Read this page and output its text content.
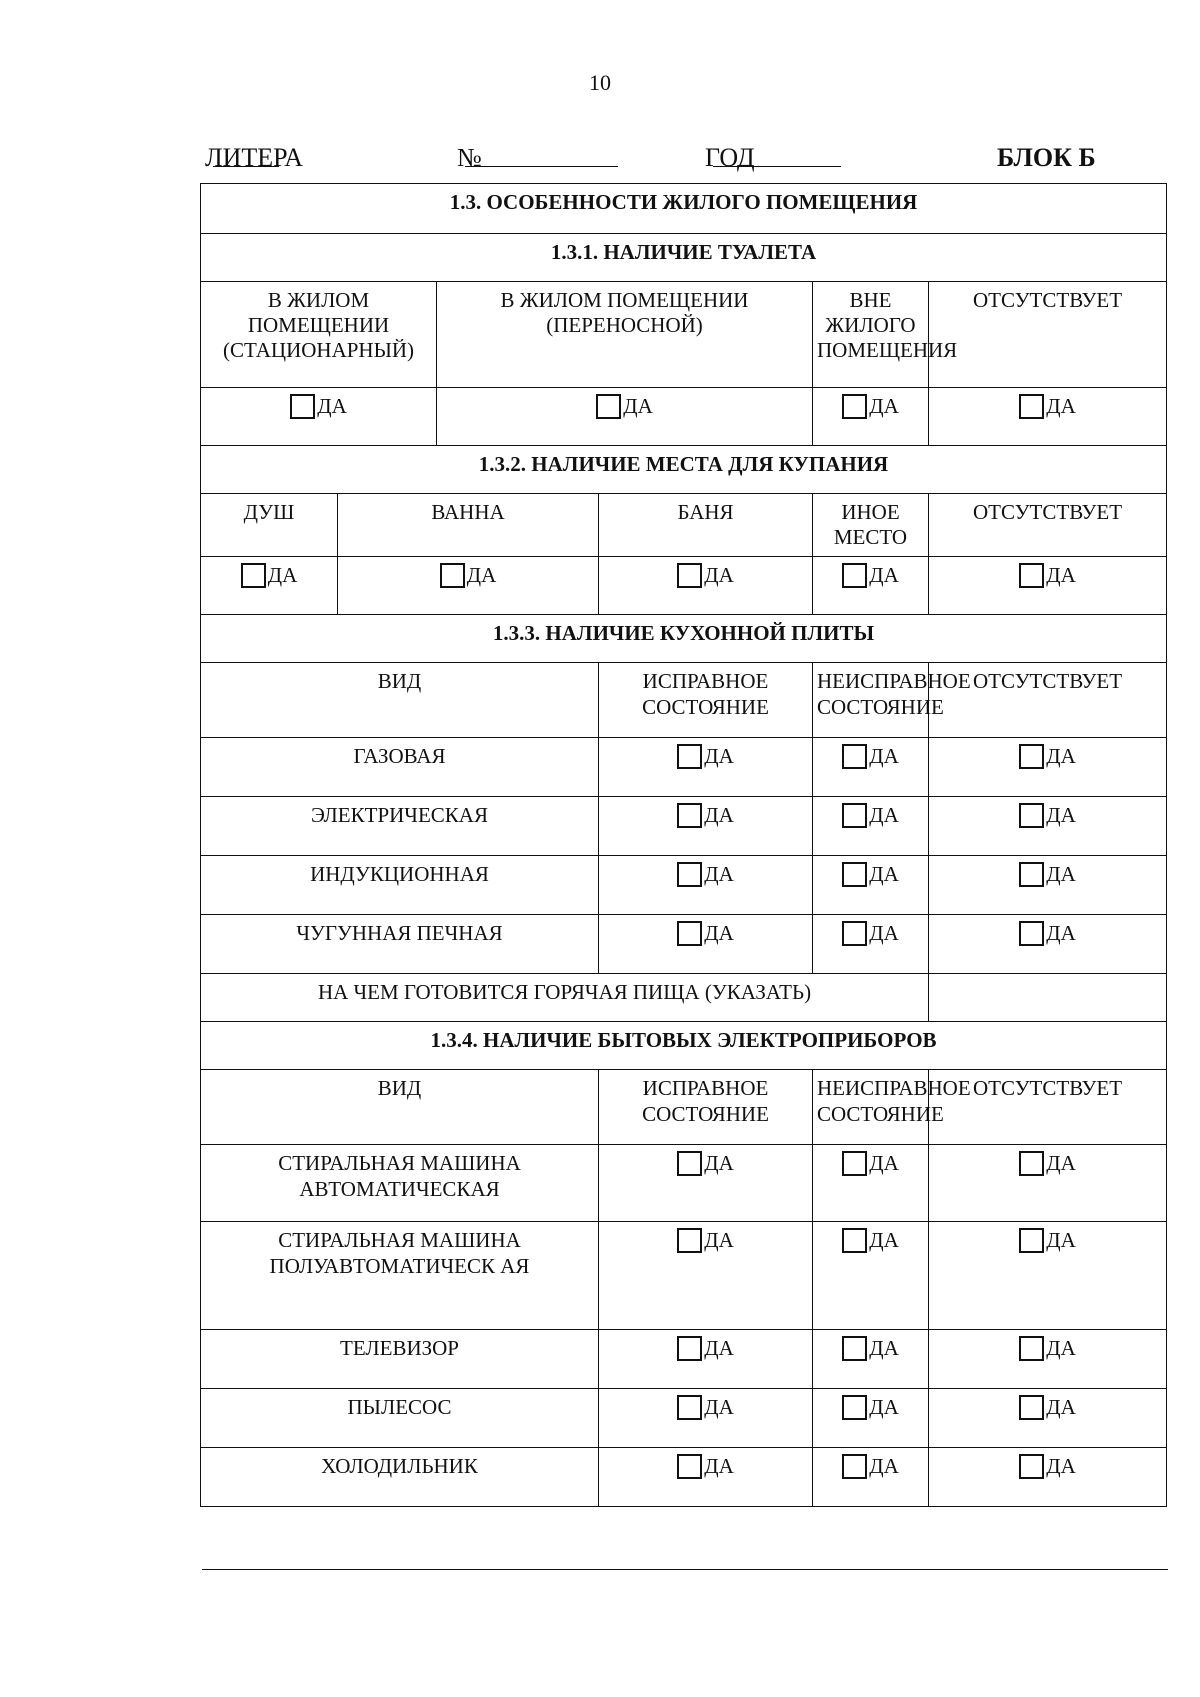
10
ЛИТЕРА	№	ГОД	БЛОК Б
1.3. ОСОБЕННОСТИ ЖИЛОГО ПОМЕЩЕНИЯ					
1.3.1. НАЛИЧИЕ ТУАЛЕТА					
В ЖИЛОМ ПОМЕЩЕНИИ (СТАЦИОНАРНЫЙ)		В ЖИЛОМ ПОМЕЩЕНИИ (ПЕРЕНОСНОЙ)		ВНЕ ЖИЛОГО ПОМЕЩЕНИЯ	ОТСУТСТВУЕТ

ДА		ДА		ДА	ДА

1.3.2. НАЛИЧИЕ МЕСТА ДЛЯ КУПАНИЯ					
ДУШ	ВАННА		БАНЯ	ИНОЕ МЕСТО	ОТСУТСТВУЕТ

ДА	ДА		ДА	ДА	ДА

1.3.3. НАЛИЧИЕ КУХОННОЙ ПЛИТЫ					
ВИД			ИСПРАВНОЕ СОСТОЯНИЕ	НЕИСПРАВНОЕ СОСТОЯНИЕ	ОТСУТСТВУЕТ
ГАЗОВАЯ			ДА	ДА	ДА

ЭЛЕКТРИЧЕСКАЯ			ДА	ДА	ДА

ИНДУКЦИОННАЯ			ДА	ДА	ДА

ЧУГУННАЯ ПЕЧНАЯ			ДА	ДА	ДА

НА ЧЕМ ГОТОВИТСЯ ГОРЯЧАЯ ПИЩА (УКАЗАТЬ)					
1.3.4. НАЛИЧИЕ БЫТОВЫХ ЭЛЕКТРОПРИБОРОВ					
ВИД			ИСПРАВНОЕ СОСТОЯНИЕ	НЕИСПРАВНОЕ СОСТОЯНИЕ	ОТСУТСТВУЕТ
СТИРАЛЬНАЯ МАШИНА АВТОМАТИЧЕСКАЯ			ДА	ДА	ДА

СТИРАЛЬНАЯ МАШИНА ПОЛУАВТОМАТИЧЕСК АЯ			ДА	ДА	ДА

ТЕЛЕВИЗОР			ДА	ДА	ДА

ПЫЛЕСОС			ДА	ДА	ДА

ХОЛОДИЛЬНИК			ДА	ДА	ДА
